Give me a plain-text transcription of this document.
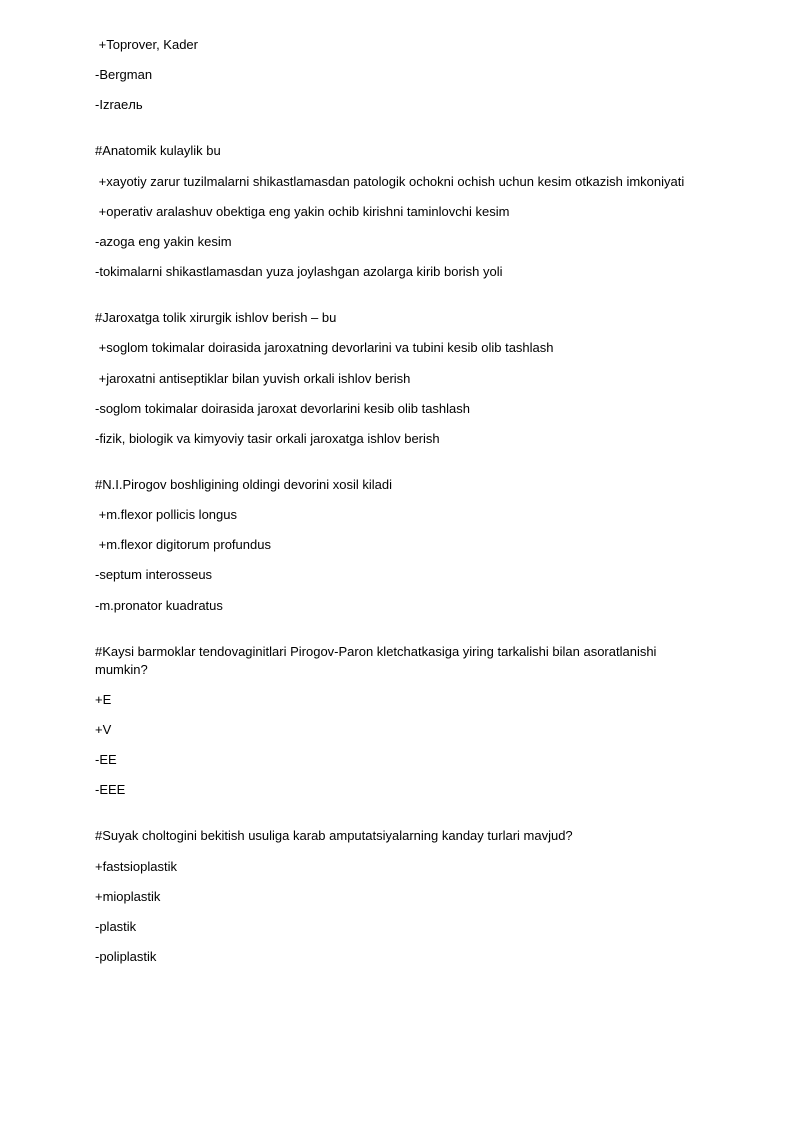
+Toprover, Kader
-Bergman
-Izraeль
#Anatomik kulaylik bu
+xayotiy zarur tuzilmalarni shikastlamasdan patologik ochokni ochish uchun kesim otkazish imkoniyati
+operativ aralashuv obektiga eng yakin ochib kirishni taminlovchi kesim
-azoga eng yakin kesim
-tokimalarni shikastlamasdan yuza joylashgan azolarga kirib borish yoli
#Jaroxatga tolik xirurgik ishlov berish – bu
+soglom tokimalar doirasida jaroxatning devorlarini va tubini kesib olib tashlash
+jaroxatni antiseptiklar bilan yuvish orkali ishlov berish
-soglom tokimalar doirasida jaroxat devorlarini kesib olib tashlash
-fizik, biologik va kimyoviy tasir orkali jaroxatga ishlov berish
#N.I.Pirogov boshligining oldingi devorini xosil kiladi
+m.flexor pollicis longus
+m.flexor digitorum profundus
-septum interosseus
-m.pronator kuadratus
#Kaysi barmoklar tendovaginitlari Pirogov-Paron kletchatkasiga yiring tarkalishi bilan asoratlanishi mumkin?
+E
+V
-EE
-EEE
#Suyak choltogini bekitish usuliga karab amputatsiyalarning kanday turlari mavjud?
+fastsioplastik
+mioplastik
-plastik
-poliplastik
